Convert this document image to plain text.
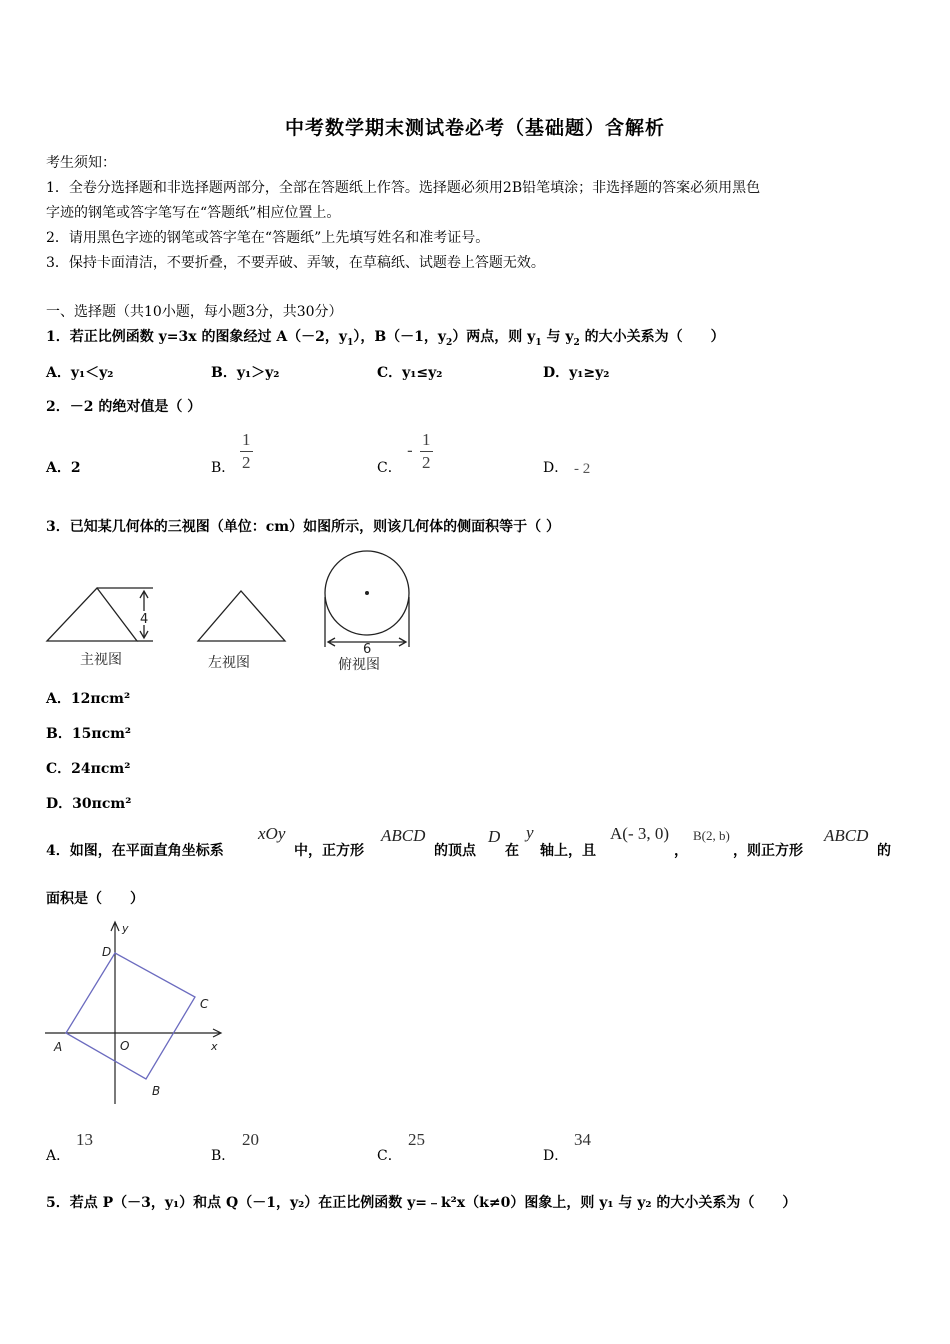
中考数学期末测试卷必考（基础题）含解析
考生须知：
1．全卷分选择题和非选择题两部分，全部在答题纸上作答。选择题必须用2B铅笔填涂；非选择题的答案必须用黑色
字迹的钢笔或答字笔写在“答题纸”相应位置上。
2．请用黑色字迹的钢笔或答字笔在“答题纸”上先填写姓名和准考证号。
3．保持卡面清洁，不要折叠，不要弄破、弄皱，在草稿纸、试题卷上答题无效。
一、选择题（共10小题，每小题3分，共30分）
1．若正比例函数 y=3x 的图象经过 A（－2，$y_1$），B（－1，$y_2$）两点，则 $y_1$ 与 $y_2$ 的大小关系为（　　）
A．y₁＜y₂	B．y₁＞y₂	C．y₁≤y₂	D．y₁≥y₂
2．－2 的绝对值是（ ）
A．2	B． $\frac{1}{2}$	C．
- $\frac{1}{2}$	D． - 2
3．已知某几何体的三视图（单位：cm）如图所示，则该几何体的侧面积等于（ ）
4
主视图	左视图
6
俯视图
A．12πcm²
B．15πcm²
C．24πcm²
D．30πcm²
4．如图，在平面直角坐标系
xOy
中，正方形
ABCD
的顶点
D
在
y
轴上，且
A(- 3, 0)
，
B(2, b)
，则正方形
ABCD
的
面积是（　　）
D
C
A	O
B
x
y
A．
13
B．
20
C．
25
D．
34
5．若点 P（－3，y₁）和点 Q（－1，y₂）在正比例函数 y=﹣k²x（k≠0）图象上，则 y₁ 与 y₂ 的大小关系为（　　）
